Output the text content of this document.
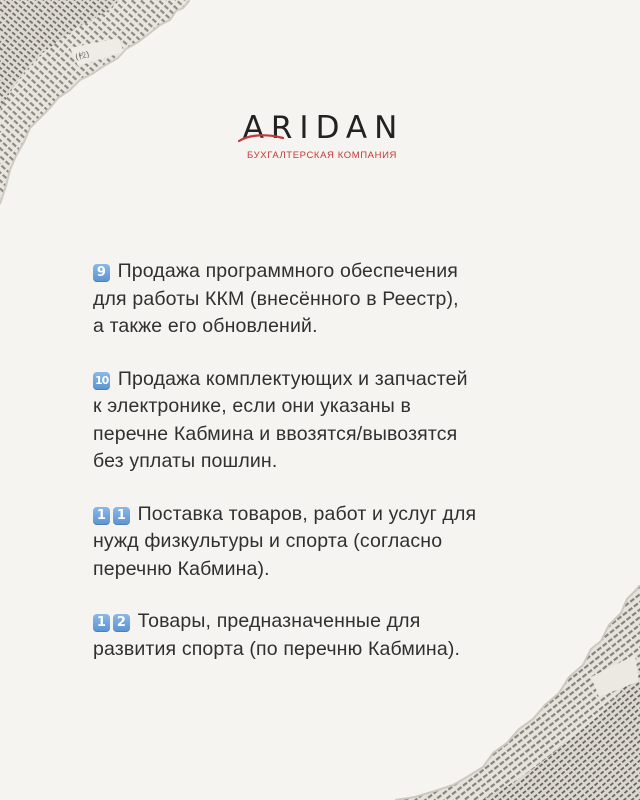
(校)
ARIDAN
БУХГАЛТЕРСКАЯ КОМПАНИЯ

9 Продажа программного обеспечения
для работы ККМ (внесённого в Реестр),
а также его обновлений.

10 Продажа комплектующих и запчастей
к электронике, если они указаны в
перечне Кабмина и ввозятся/вывозятся
без уплаты пошлин.

1 1 Поставка товаров, работ и услуг для
нужд физкультуры и спорта (согласно
перечню Кабмина).

1 2 Товары, предназначенные для
развития спорта (по перечню Кабмина).
